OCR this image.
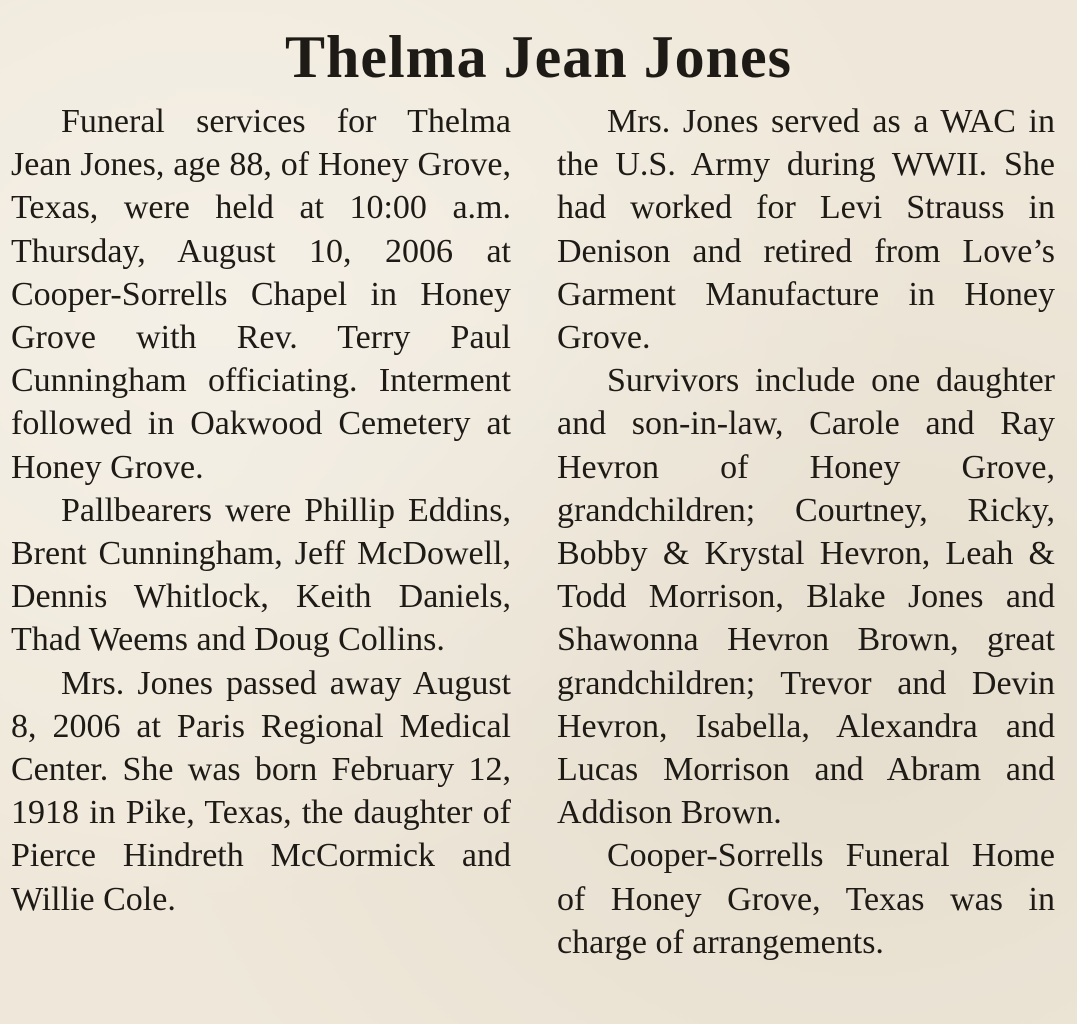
Thelma Jean Jones

Funeral services for Thelma Jean Jones, age 88, of Honey Grove, Texas, were held at 10:00 a.m. Thursday, August 10, 2006 at Cooper-Sorrells Chapel in Honey Grove with Rev. Terry Paul Cunningham officiating. Interment followed in Oakwood Cemetery at Honey Grove.

Pallbearers were Phillip Eddins, Brent Cunningham, Jeff McDowell, Dennis Whitlock, Keith Daniels, Thad Weems and Doug Collins.

Mrs. Jones passed away August 8, 2006 at Paris Regional Medical Center. She was born February 12, 1918 in Pike, Texas, the daughter of Pierce Hindreth McCormick and Willie Cole.

Mrs. Jones served as a WAC in the U.S. Army during WWII. She had worked for Levi Strauss in Denison and retired from Love’s Garment Manufacture in Honey Grove.

Survivors include one daughter and son-in-law, Carole and Ray Hevron of Honey Grove, grandchildren; Courtney, Ricky, Bobby & Krystal Hevron, Leah & Todd Morrison, Blake Jones and Shawonna Hevron Brown, great grandchildren; Trevor and Devin Hevron, Isabella, Alexandra and Lucas Morrison and Abram and Addison Brown.

Cooper-Sorrells Funeral Home of Honey Grove, Texas was in charge of arrangements.
